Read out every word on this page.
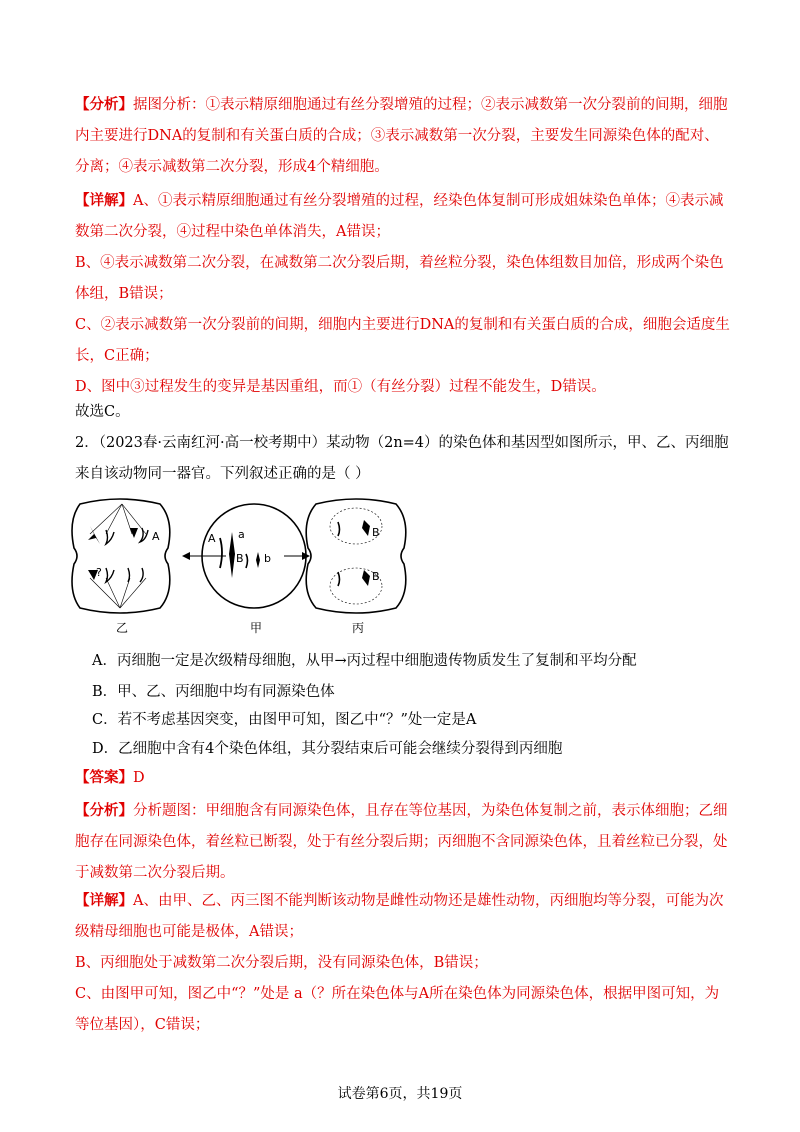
【分析】据图分析：①表示精原细胞通过有丝分裂增殖的过程；②表示减数第一次分裂前的间期，细胞内主要进行DNA的复制和有关蛋白质的合成；③表示减数第一次分裂，主要发生同源染色体的配对、分离；④表示减数第二次分裂，形成4个精细胞。
【详解】A、①表示精原细胞通过有丝分裂增殖的过程，经染色体复制可形成姐妹染色单体；④表示减数第二次分裂，④过程中染色单体消失，A错误；
B、④表示减数第二次分裂，在减数第二次分裂后期，着丝粒分裂，染色体组数目加倍，形成两个染色体组，B错误；
C、②表示减数第一次分裂前的间期，细胞内主要进行DNA的复制和有关蛋白质的合成，细胞会适度生长，C正确；
D、图中③过程发生的变异是基因重组，而①（有丝分裂）过程不能发生，D错误。
故选C。
2．（2023春·云南红河·高一校考期中）某动物（2n=4）的染色体和基因型如图所示，甲、乙、丙细胞来自该动物同一器官。下列叙述正确的是（ ）
A
?
乙
A a
B b
甲
B
B
丙
A．丙细胞一定是次级精母细胞，从甲→丙过程中细胞遗传物质发生了复制和平均分配
B．甲、乙、丙细胞中均有同源染色体
C．若不考虑基因突变，由图甲可知，图乙中“？”处一定是A
D．乙细胞中含有4个染色体组，其分裂结束后可能会继续分裂得到丙细胞
【答案】D
【分析】分析题图：甲细胞含有同源染色体，且存在等位基因，为染色体复制之前，表示体细胞；乙细胞存在同源染色体，着丝粒已断裂，处于有丝分裂后期；丙细胞不含同源染色体，且着丝粒已分裂，处于减数第二次分裂后期。
【详解】A、由甲、乙、丙三图不能判断该动物是雌性动物还是雄性动物，丙细胞均等分裂，可能为次级精母细胞也可能是极体，A错误；
B、丙细胞处于减数第二次分裂后期，没有同源染色体，B错误；
C、由图甲可知，图乙中“？”处是 a（？所在染色体与A所在染色体为同源染色体，根据甲图可知，为等位基因），C错误；
试卷第6页，共19页
